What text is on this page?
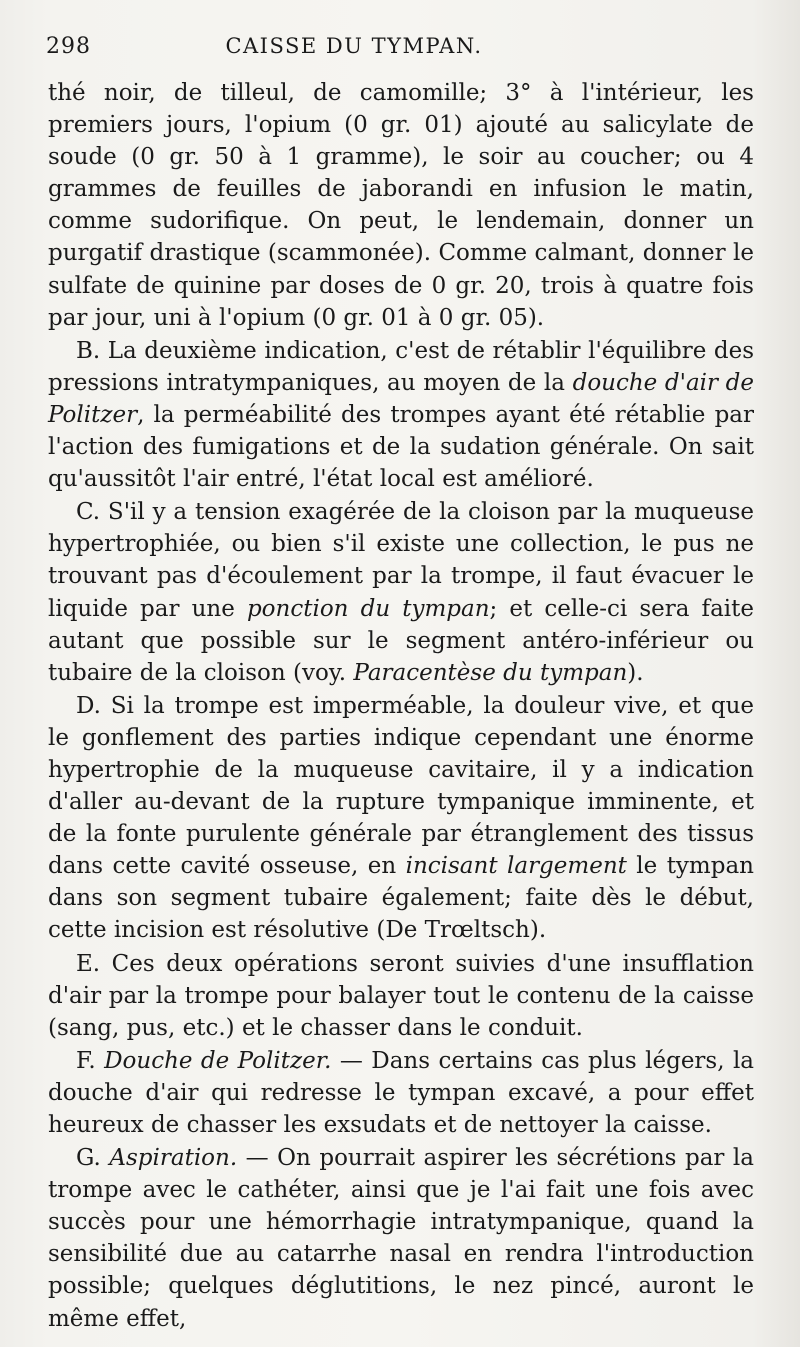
298	CAISSE DU TYMPAN.

thé noir, de tilleul, de camomille; 3° à l'intérieur, les premiers jours, l'opium (0 gr. 01) ajouté au salicylate de soude (0 gr. 50 à 1 gramme), le soir au coucher; ou 4 grammes de feuilles de jaborandi en infusion le matin, comme sudorifique. On peut, le lendemain, donner un purgatif drastique (scammonée). Comme calmant, donner le sulfate de quinine par doses de 0 gr. 20, trois à quatre fois par jour, uni à l'opium (0 gr. 01 à 0 gr. 05).

B. La deuxième indication, c'est de rétablir l'équilibre des pressions intratympaniques, au moyen de la douche d'air de Politzer, la perméabilité des trompes ayant été rétablie par l'action des fumigations et de la sudation générale. On sait qu'aussitôt l'air entré, l'état local est amélioré.

C. S'il y a tension exagérée de la cloison par la muqueuse hypertrophiée, ou bien s'il existe une collection, le pus ne trouvant pas d'écoulement par la trompe, il faut évacuer le liquide par une ponction du tympan; et celle-ci sera faite autant que possible sur le segment antéro-inférieur ou tubaire de la cloison (voy. Paracentèse du tympan).

D. Si la trompe est imperméable, la douleur vive, et que le gonflement des parties indique cependant une énorme hypertrophie de la muqueuse cavitaire, il y a indication d'aller au-devant de la rupture tympanique imminente, et de la fonte purulente générale par étranglement des tissus dans cette cavité osseuse, en incisant largement le tympan dans son segment tubaire également; faite dès le début, cette incision est résolutive (De Trœltsch).

E. Ces deux opérations seront suivies d'une insufflation d'air par la trompe pour balayer tout le contenu de la caisse (sang, pus, etc.) et le chasser dans le conduit.

F. Douche de Politzer. — Dans certains cas plus légers, la douche d'air qui redresse le tympan excavé, a pour effet heureux de chasser les exsudats et de nettoyer la caisse.

G. Aspiration. — On pourrait aspirer les sécrétions par la trompe avec le cathéter, ainsi que je l'ai fait une fois avec succès pour une hémorrhagie intratympanique, quand la sensibilité due au catarrhe nasal en rendra l'introduction possible; quelques déglutitions, le nez pincé, auront le même effet,
